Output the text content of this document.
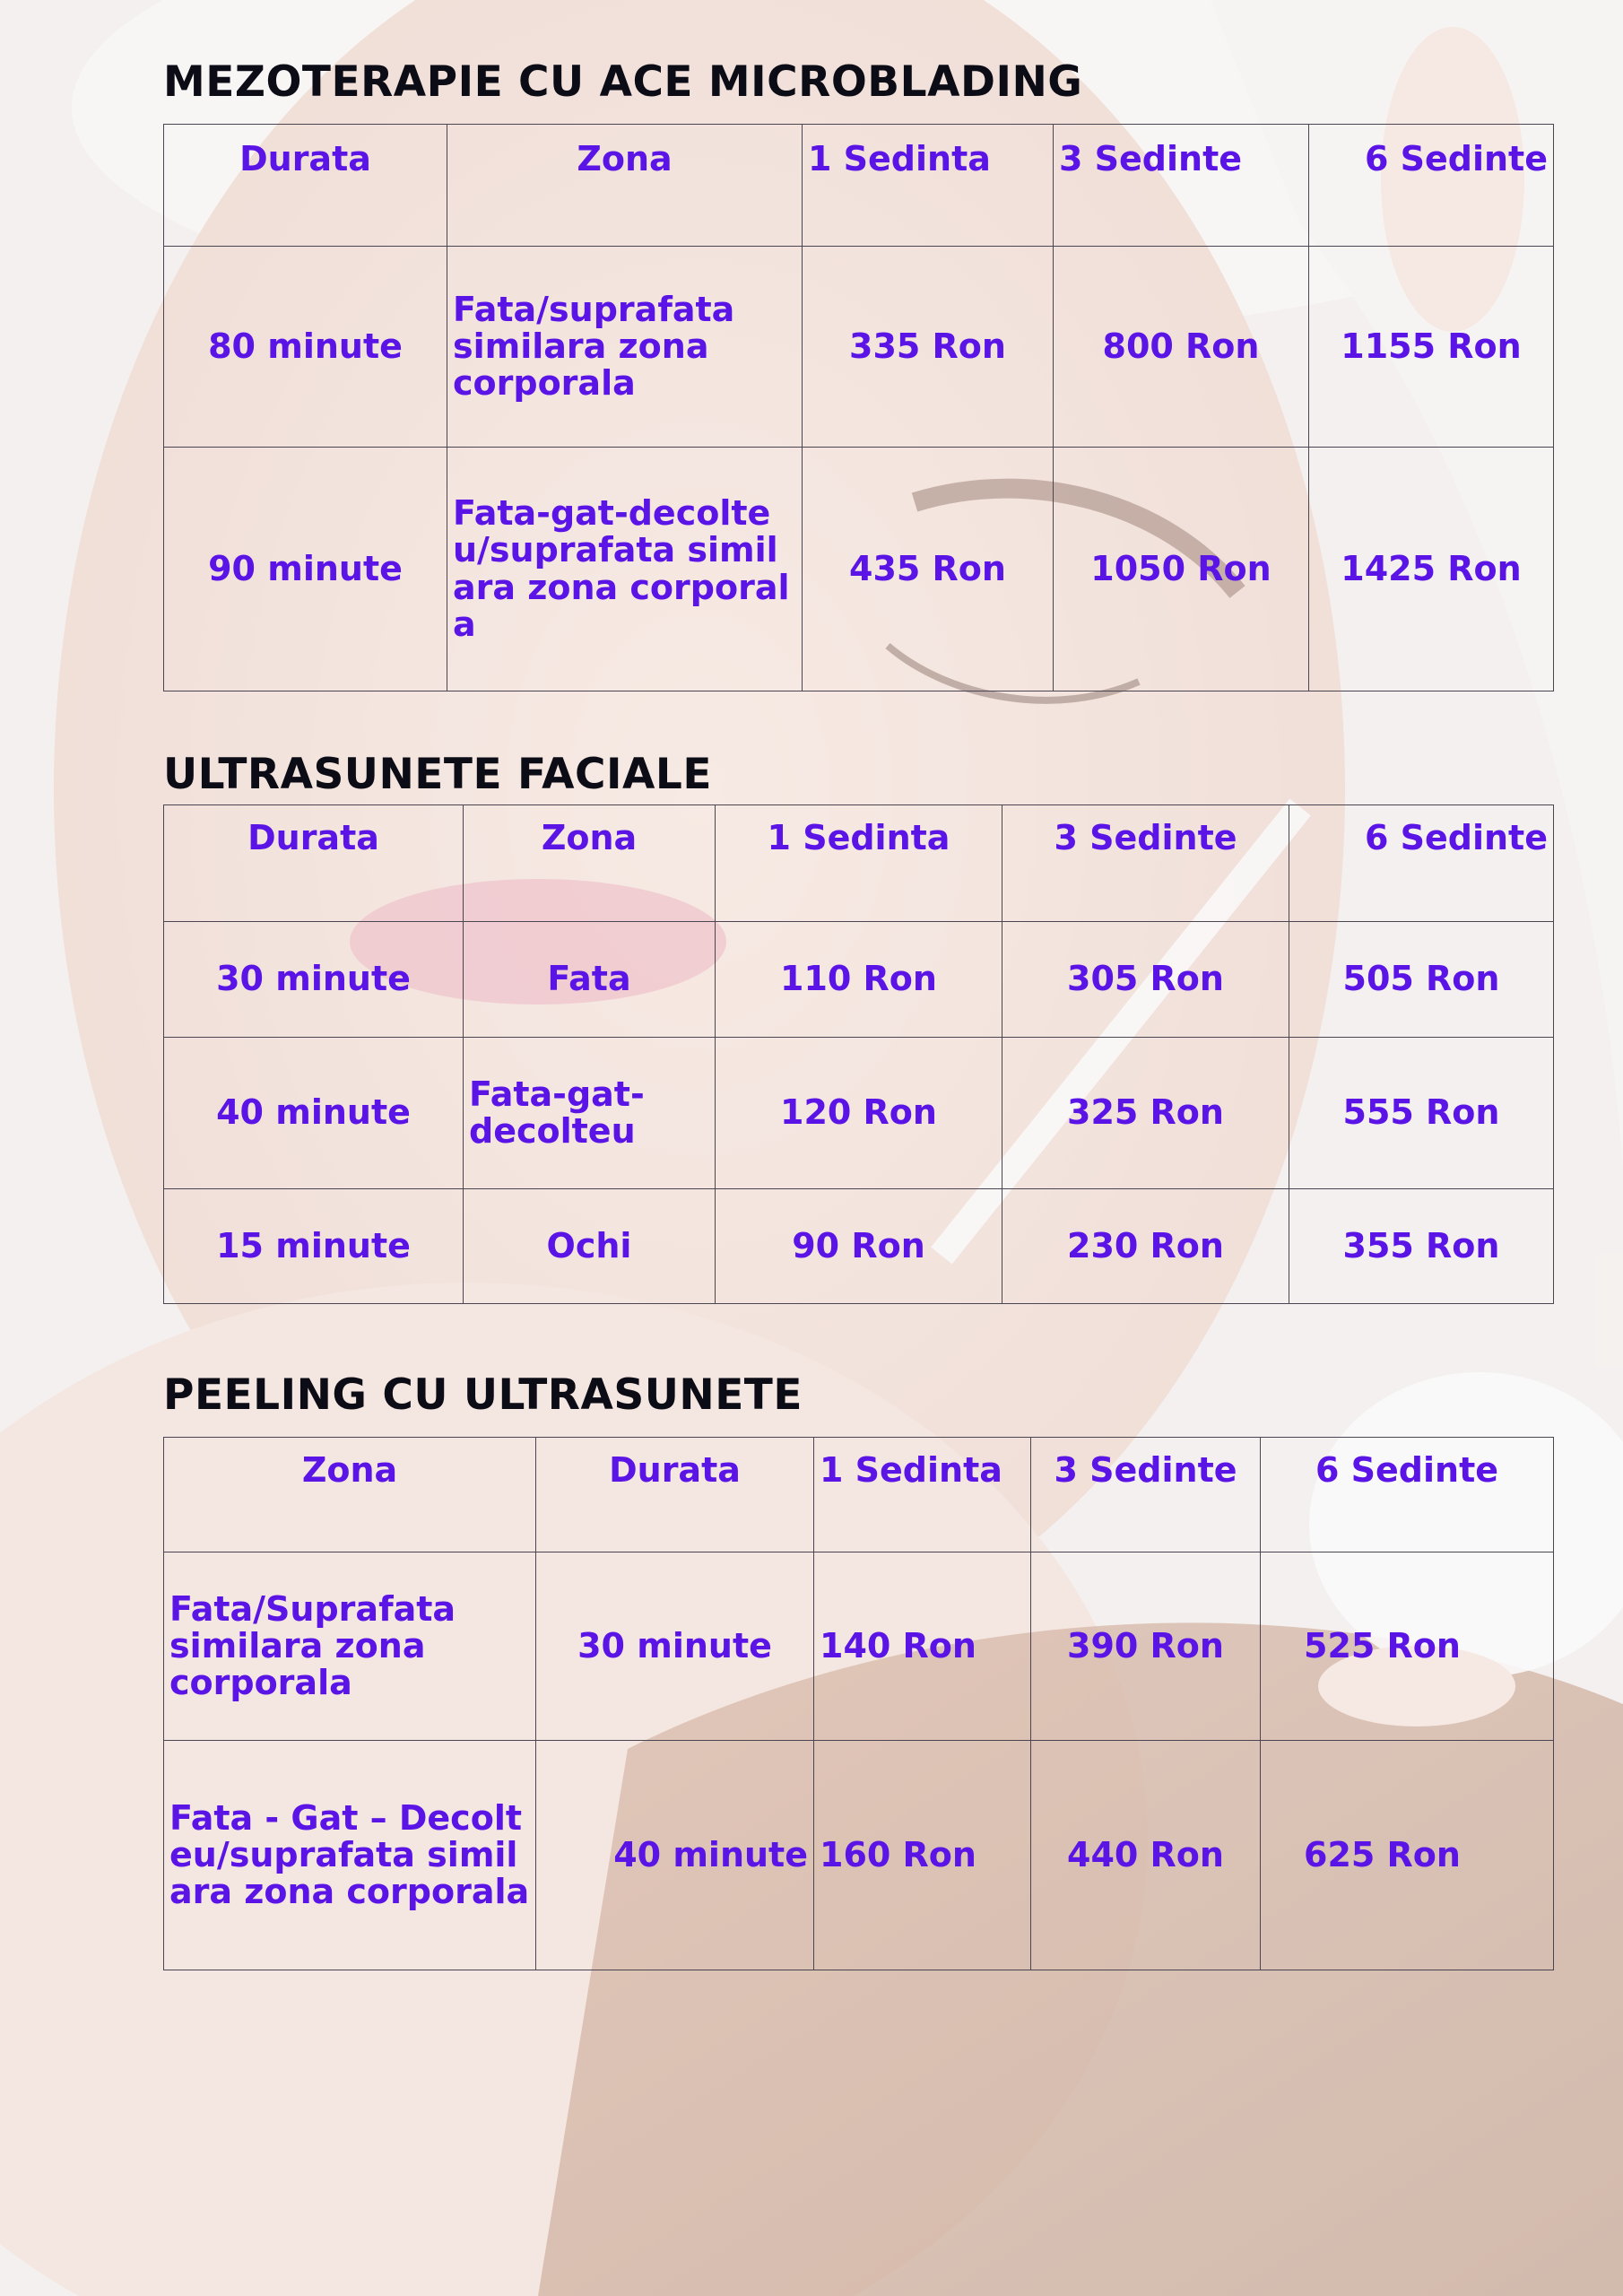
MEZOTERAPIE CU ACE MICROBLADING
Durata	Zona	1 Sedinta	3 Sedinte	6 Sedinte
80 minute	Fata/suprafata similara zona corporala	335 Ron	800 Ron	1155 Ron
90 minute	Fata-gat-decolteu/suprafata similara zona corporala	435 Ron	1050 Ron	1425 Ron
ULTRASUNETE FACIALE
Durata	Zona	1 Sedinta	3 Sedinte	6 Sedinte
30 minute	Fata	110 Ron	305 Ron	505 Ron
40 minute	Fata-gat-decolteu	120 Ron	325 Ron	555 Ron
15 minute	Ochi	90 Ron	230 Ron	355 Ron
PEELING CU ULTRASUNETE
Zona	Durata	1 Sedinta	3 Sedinte	6 Sedinte
Fata/Suprafata similara zona corporala	30 minute	140 Ron	390 Ron	525 Ron
Fata - Gat – Decolteu/suprafata similara zona corporala	40 minute	160 Ron	440 Ron	625 Ron
